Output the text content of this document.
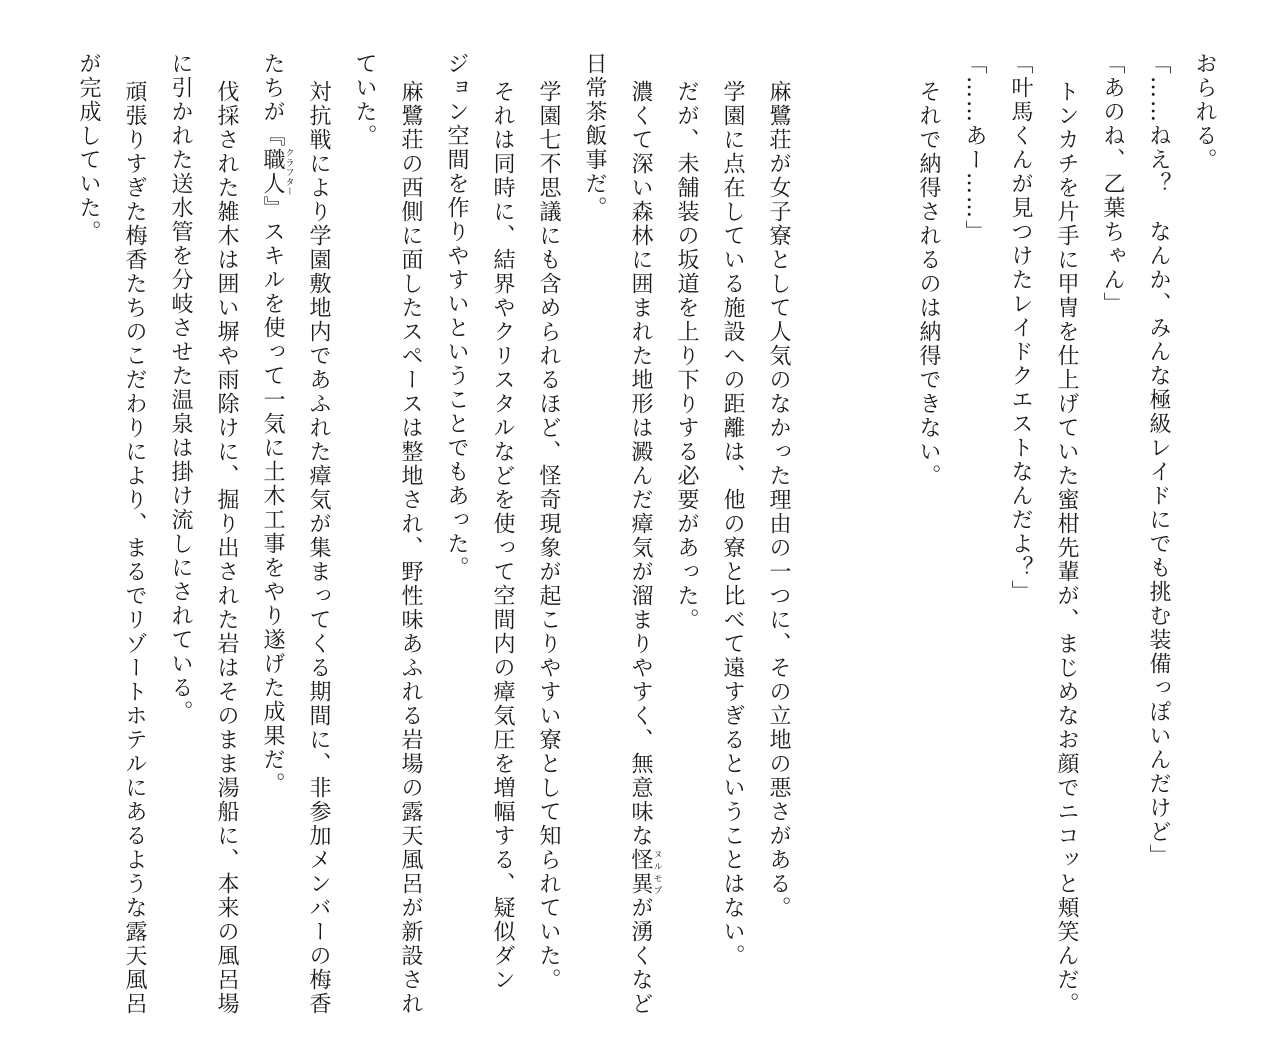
おられる。

「……ねえ？　なんか、みんな極級レイドにでも挑む装備っぽいんだけど」

「あのね、乙葉ちゃん」

トンカチを片手に甲冑を仕上げていた蜜柑先輩が、まじめなお顔でニコッと頬笑んだ。

「叶馬くんが見つけたレイドクエストなんだよ？」

「……あー……」

それで納得されるのは納得できない。

麻鷺荘が女子寮として人気のなかった理由の一つに、その立地の悪さがある。

学園に点在している施設への距離は、他の寮と比べて遠すぎるということはない。

だが、未舗装の坂道を上り下りする必要があった。

濃くて深い森林に囲まれた地形は澱んだ瘴気が溜まりやすく、無意味な怪異ヌルモブが湧くなど

日常茶飯事だ。

学園七不思議にも含められるほど、怪奇現象が起こりやすい寮として知られていた。

それは同時に、結界やクリスタルなどを使って空間内の瘴気圧を増幅する、疑似ダン

ジョン空間を作りやすいということでもあった。

麻鷺荘の西側に面したスペースは整地され、野性味あふれる岩場の露天風呂が新設され

ていた。

対抗戦により学園敷地内であふれた瘴気が集まってくる期間に、非参加メンバーの梅香

たちが『職人クラフター』スキルを使って一気に土木工事をやり遂げた成果だ。

伐採された雑木は囲い塀や雨除けに、掘り出された岩はそのまま湯船に、本来の風呂場

に引かれた送水管を分岐させた温泉は掛け流しにされている。

頑張りすぎた梅香たちのこだわりにより、まるでリゾートホテルにあるような露天風呂

が完成していた。
